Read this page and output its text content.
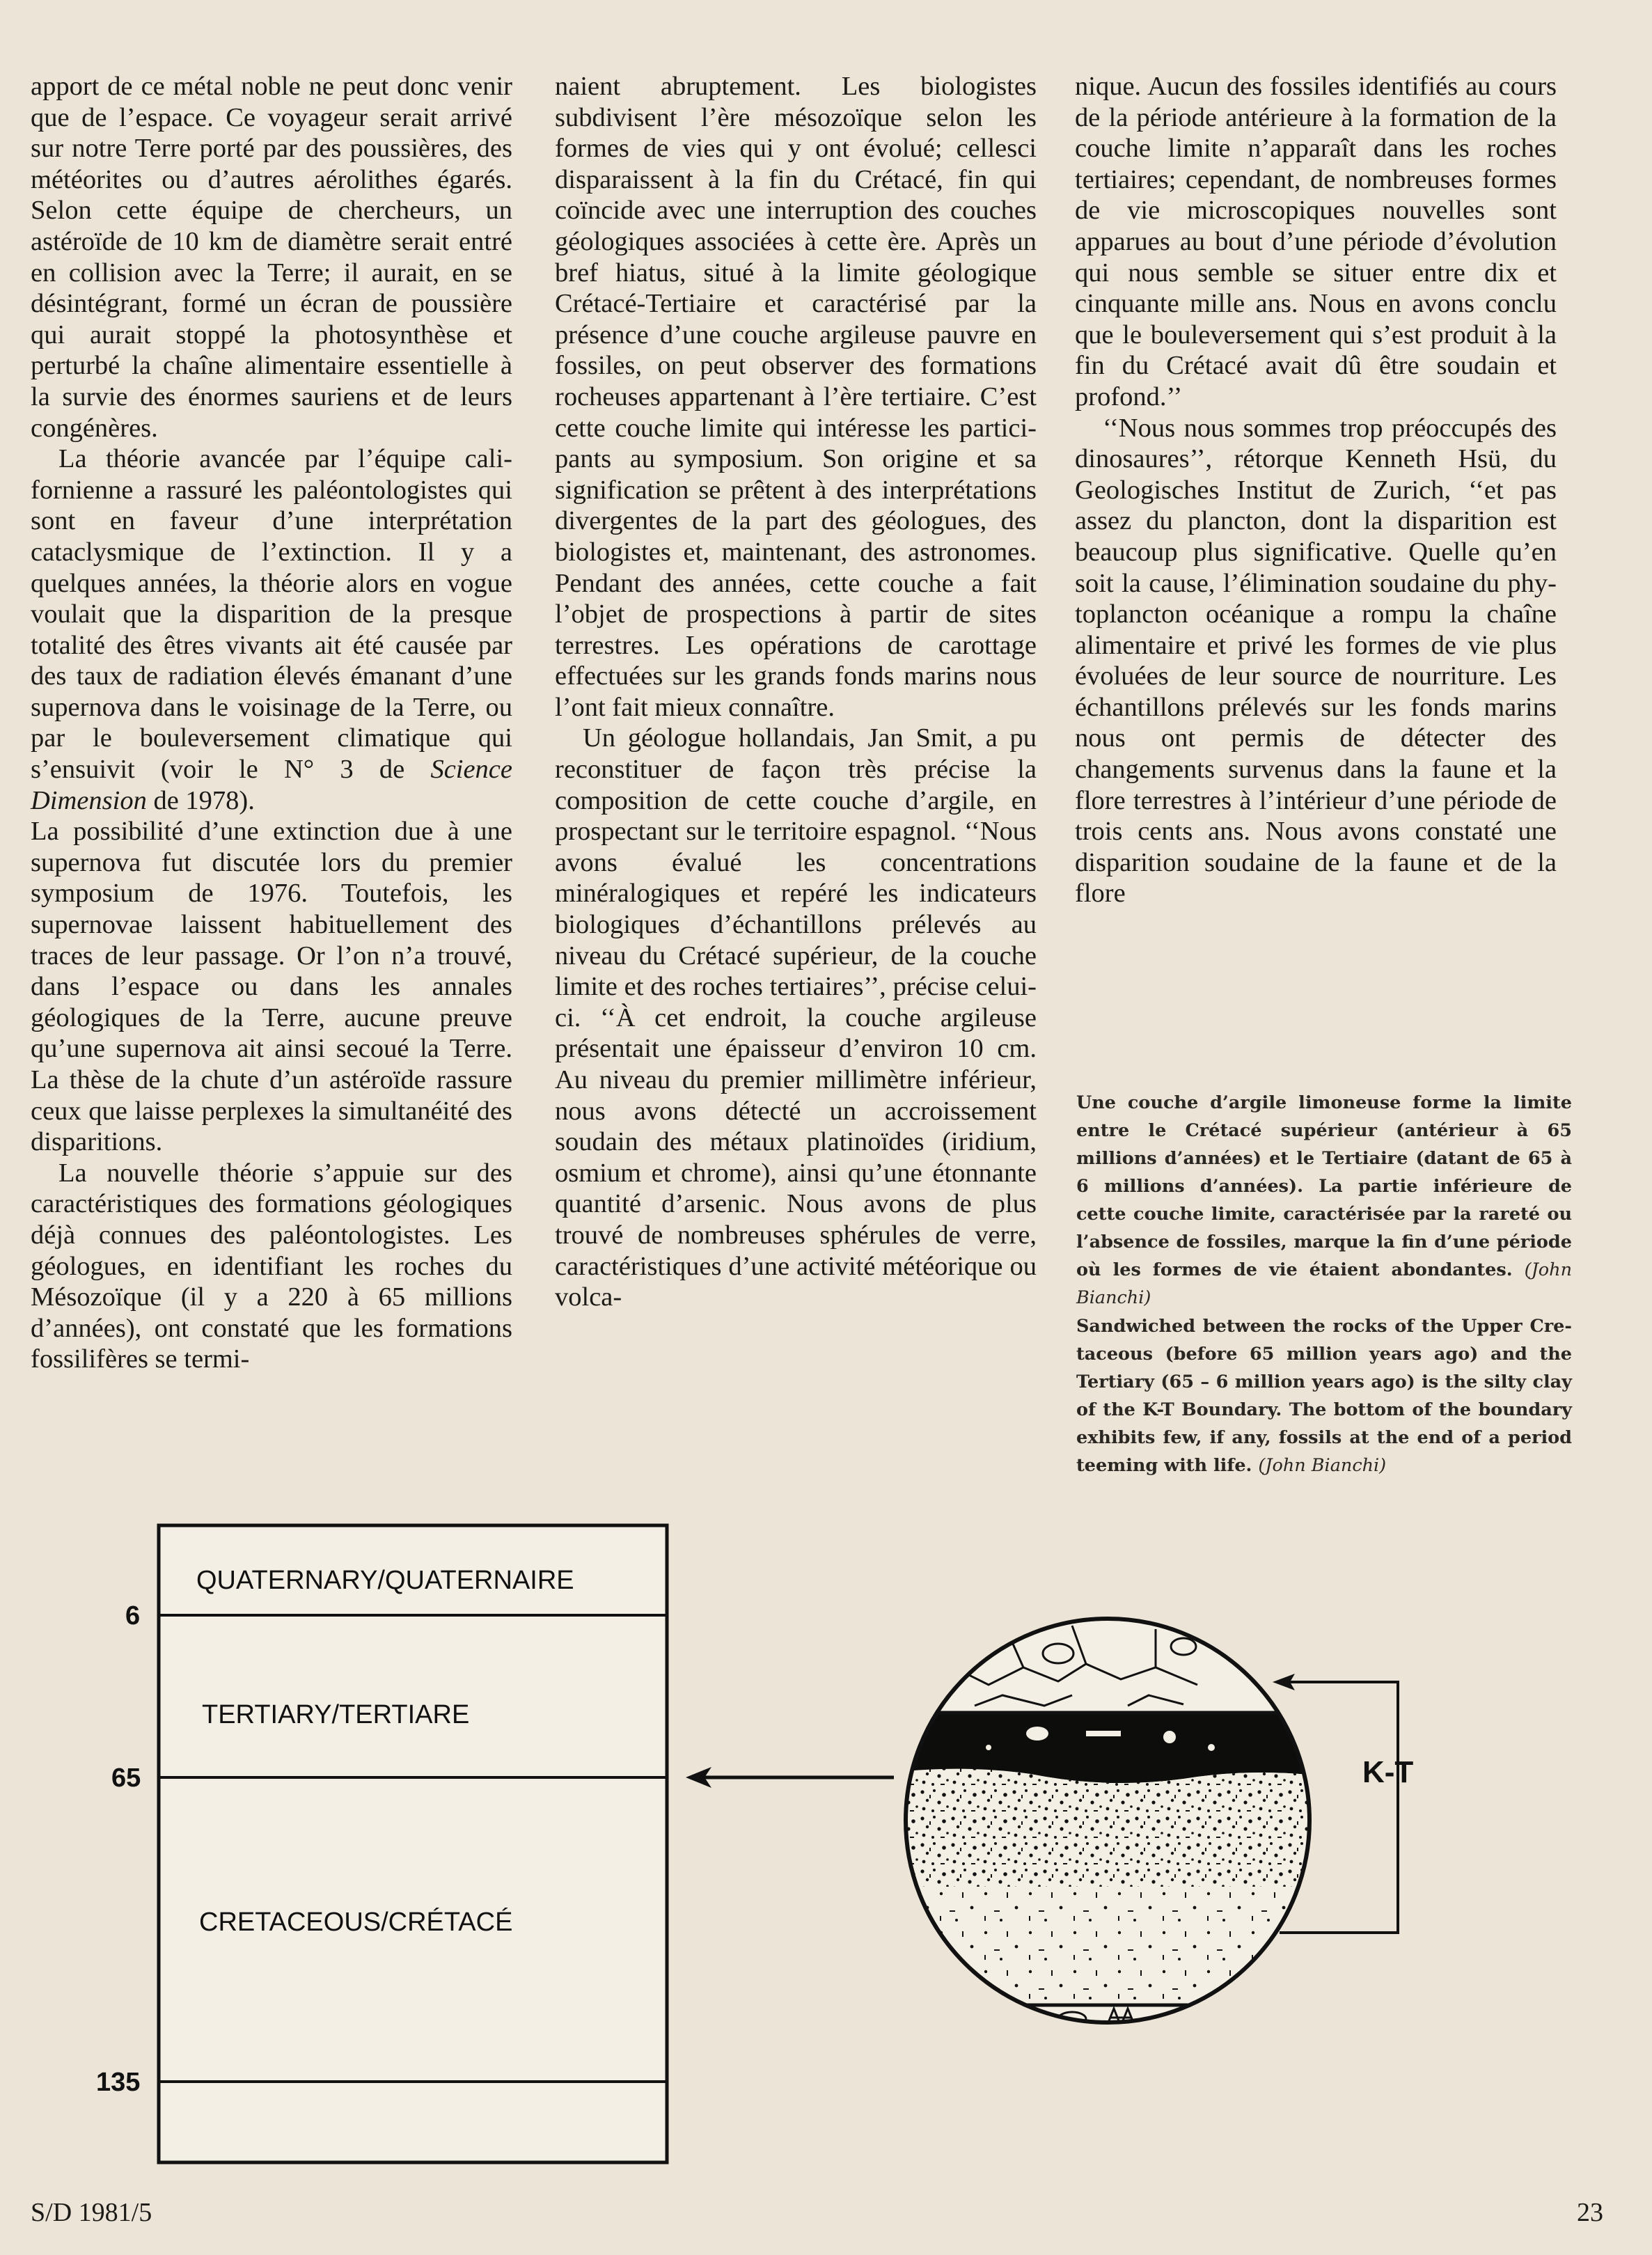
apport de ce métal noble ne peut donc venir que de l’espace. Ce voyageur serait arrivé sur notre Terre porté par des poussières, des météorites ou d’autres aérolithes égarés. Selon cette équipe de chercheurs, un astéroïde de 10 km de diamètre serait entré en collision avec la Terre; il aurait, en se désintégrant, formé un écran de poussière qui aurait stoppé la photosynthèse et perturbé la chaîne alimentaire essentielle à la survie des énormes sauriens et de leurs congénères.

La théorie avancée par l’équipe californienne a rassuré les paléontologistes qui sont en faveur d’une interprétation cataclysmique de l’extinction. Il y a quelques années, la théorie alors en vogue voulait que la disparition de la presque totalité des êtres vivants ait été causée par des taux de radiation élevés émanant d’une supernova dans le voisinage de la Terre, ou par le bouleversement climatique qui s’ensuivit (voir le N° 3 de Science Dimension de 1978).

La possibilité d’une extinction due à une supernova fut discutée lors du premier symposium de 1976. Toutefois, les supernovae laissent habituellement des traces de leur passage. Or l’on n’a trouvé, dans l’espace ou dans les annales géologiques de la Terre, aucune preuve qu’une supernova ait ainsi secoué la Terre. La thèse de la chute d’un astéroïde rassure ceux que laisse perplexes la simultanéité des disparitions.

La nouvelle théorie s’appuie sur des caractéristiques des formations géologiques déjà connues des paléontologistes. Les géologues, en identifiant les roches du Mésozoïque (il y a 220 à 65 millions d’années), ont constaté que les formations fossilifères se termi-

naient abruptement. Les biologistes subdivisent l’ère mésozoïque selon les formes de vies qui y ont évolué; cellesci disparaissent à la fin du Crétacé, fin qui coïncide avec une interruption des couches géologiques associées à cette ère. Après un bref hiatus, situé à la limite géologique Crétacé-Tertiaire et caractérisé par la présence d’une couche argileuse pauvre en fossiles, on peut observer des formations rocheuses appartenant à l’ère tertiaire. C’est cette couche limite qui intéresse les participants au symposium. Son origine et sa signification se prêtent à des interprétations divergentes de la part des géologues, des biologistes et, maintenant, des astronomes. Pendant des années, cette couche a fait l’objet de prospections à partir de sites terrestres. Les opérations de carottage effectuées sur les grands fonds marins nous l’ont fait mieux connaître.

Un géologue hollandais, Jan Smit, a pu reconstituer de façon très précise la composition de cette couche d’argile, en prospectant sur le territoire espagnol. ‘‘Nous avons évalué les concentrations minéralogiques et repéré les indicateurs biologiques d’échantillons prélevés au niveau du Crétacé supérieur, de la couche limite et des roches tertiaires’’, précise celui-ci. ‘‘À cet endroit, la couche argileuse présentait une épaisseur d’environ 10 cm. Au niveau du premier millimètre inférieur, nous avons détecté un accroissement soudain des métaux platinoïdes (iridium, osmium et chrome), ainsi qu’une étonnante quantité d’arsenic. Nous avons de plus trouvé de nombreuses sphérules de verre, caractéristiques d’une activité météorique ou volca-

nique. Aucun des fossiles identifiés au cours de la période antérieure à la formation de la couche limite n’apparaît dans les roches tertiaires; cependant, de nombreuses formes de vie microscopiques nouvelles sont apparues au bout d’une période d’évolution qui nous semble se situer entre dix et cinquante mille ans. Nous en avons conclu que le bouleversement qui s’est produit à la fin du Crétacé avait dû être soudain et profond.’’

‘‘Nous nous sommes trop préoccupés des dinosaures’’, rétorque Kenneth Hsü, du Geologisches Institut de Zurich, ‘‘et pas assez du plancton, dont la disparition est beaucoup plus significative. Quelle qu’en soit la cause, l’élimination soudaine du phytoplancton océanique a rompu la chaîne alimentaire et privé les formes de vie plus évoluées de leur source de nourriture. Les échantillons prélevés sur les fonds marins nous ont permis de détecter des changements survenus dans la faune et la flore terrestres à l’intérieur d’une période de trois cents ans. Nous avons constaté une disparition soudaine de la faune et de la flore

Une couche d’argile limoneuse forme la limite entre le Crétacé supérieur (antérieur à 65 millions d’années) et le Tertiaire (datant de 65 à 6 millions d’années). La partie inférieure de cette couche limite, caractérisée par la rareté ou l’absence de fossiles, marque la fin d’une période où les formes de vie étaient abondantes. (John Bianchi)
Sandwiched between the rocks of the Upper Cretaceous (before 65 million years ago) and the Tertiary (65 – 6 million years ago) is the silty clay of the K-T Boundary. The bottom of the boundary exhibits few, if any, fossils at the end of a period teeming with life. (John Bianchi)
QUATERNARY/QUATERNAIRE
TERTIARY/TERTIARE
CRETACEOUS/CRÉTACÉ
6
65
135
K-T
S/D 1981/5	23
